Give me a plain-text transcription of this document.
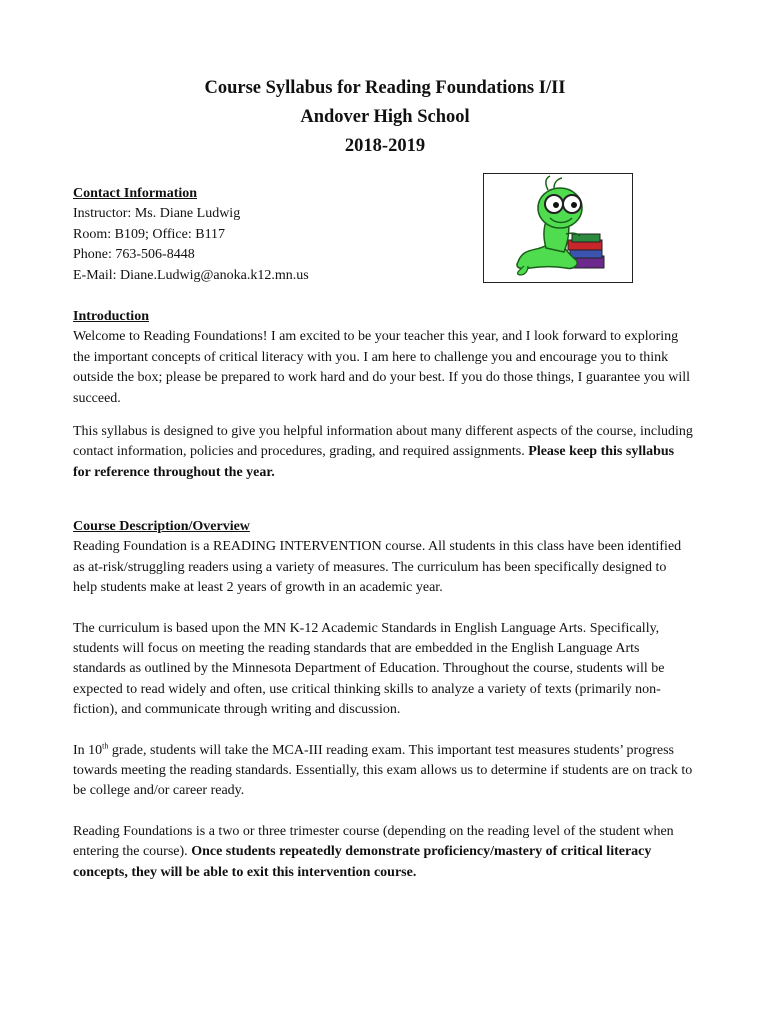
Course Syllabus for Reading Foundations I/II
Andover High School
2018-2019
Contact Information
Instructor: Ms. Diane Ludwig
Room: B109; Office: B117
Phone: 763-506-8448
E-Mail: Diane.Ludwig@anoka.k12.mn.us
Introduction

Welcome to Reading Foundations! I am excited to be your teacher this year, and I look forward to exploring the important concepts of critical literacy with you. I am here to challenge you and encourage you to think outside the box; please be prepared to work hard and do your best. If you do those things, I guarantee you will succeed.

This syllabus is designed to give you helpful information about many different aspects of the course, including contact information, policies and procedures, grading, and required assignments. Please keep this syllabus for reference throughout the year.

Course Description/Overview

Reading Foundation is a READING INTERVENTION course. All students in this class have been identified as at-risk/struggling readers using a variety of measures. The curriculum has been specifically designed to help students make at least 2 years of growth in an academic year.

The curriculum is based upon the MN K-12 Academic Standards in English Language Arts. Specifically, students will focus on meeting the reading standards that are embedded in the English Language Arts standards as outlined by the Minnesota Department of Education. Throughout the course, students will be expected to read widely and often, use critical thinking skills to analyze a variety of texts (primarily non-fiction), and communicate through writing and discussion.

In 10th grade, students will take the MCA-III reading exam. This important test measures students’ progress towards meeting the reading standards. Essentially, this exam allows us to determine if students are on track to be college and/or career ready.

Reading Foundations is a two or three trimester course (depending on the reading level of the student when entering the course). Once students repeatedly demonstrate proficiency/mastery of critical literacy concepts, they will be able to exit this intervention course.
